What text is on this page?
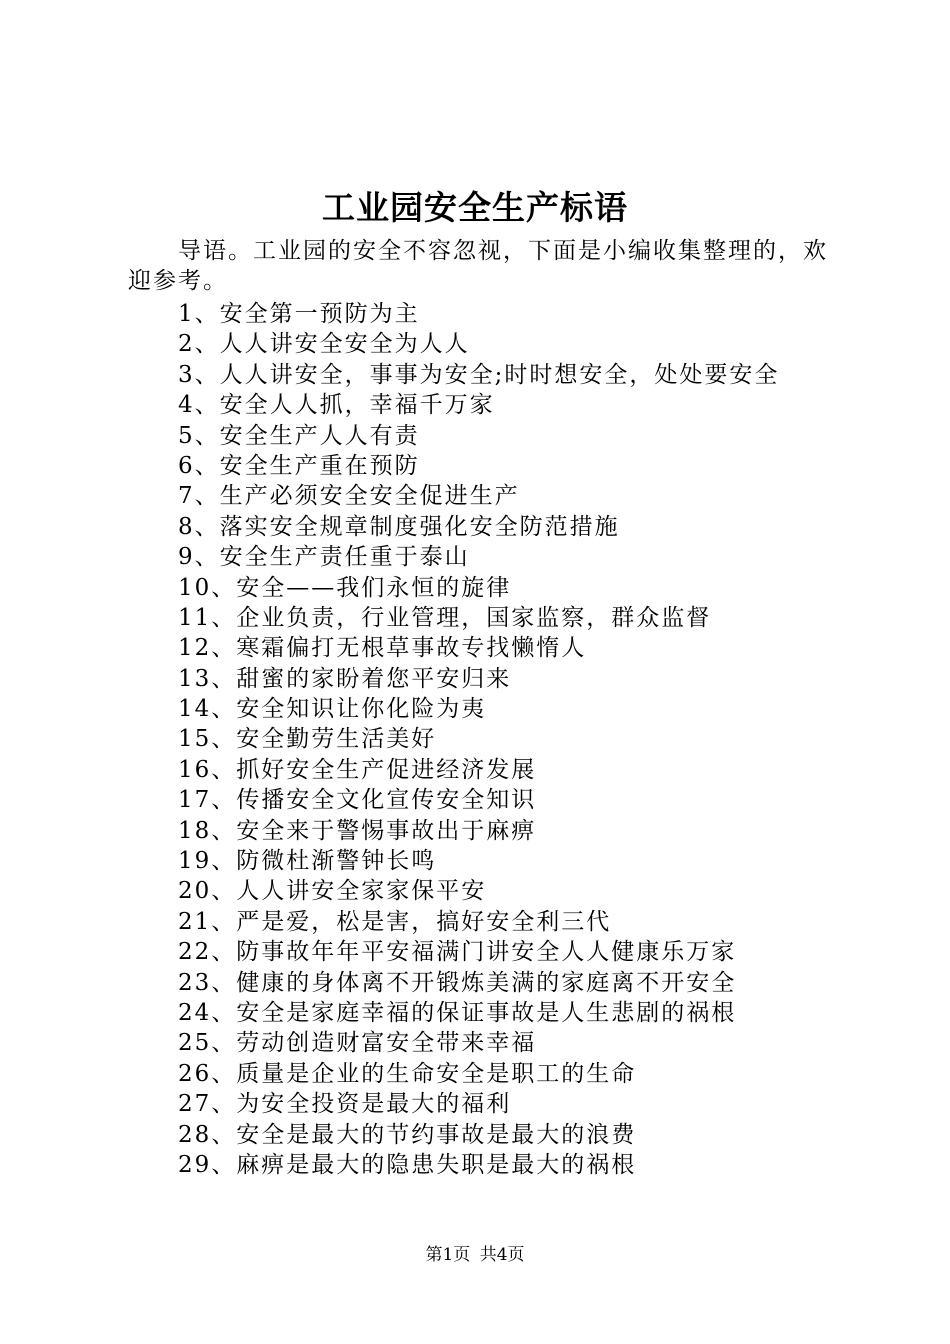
工业园安全生产标语
导语。工业园的安全不容忽视，下面是小编收集整理的，欢迎参考。
1、安全第一预防为主
2、人人讲安全安全为人人
3、人人讲安全，事事为安全;时时想安全，处处要安全
4、安全人人抓，幸福千万家
5、安全生产人人有责
6、安全生产重在预防
7、生产必须安全安全促进生产
8、落实安全规章制度强化安全防范措施
9、安全生产责任重于泰山
10、安全——我们永恒的旋律
11、企业负责，行业管理，国家监察，群众监督
12、寒霜偏打无根草事故专找懒惰人
13、甜蜜的家盼着您平安归来
14、安全知识让你化险为夷
15、安全勤劳生活美好
16、抓好安全生产促进经济发展
17、传播安全文化宣传安全知识
18、安全来于警惕事故出于麻痹
19、防微杜渐警钟长鸣
20、人人讲安全家家保平安
21、严是爱，松是害，搞好安全利三代
22、防事故年年平安福满门讲安全人人健康乐万家
23、健康的身体离不开锻炼美满的家庭离不开安全
24、安全是家庭幸福的保证事故是人生悲剧的祸根
25、劳动创造财富安全带来幸福
26、质量是企业的生命安全是职工的生命
27、为安全投资是最大的福利
28、安全是最大的节约事故是最大的浪费
29、麻痹是最大的隐患失职是最大的祸根
第1页 共4页
